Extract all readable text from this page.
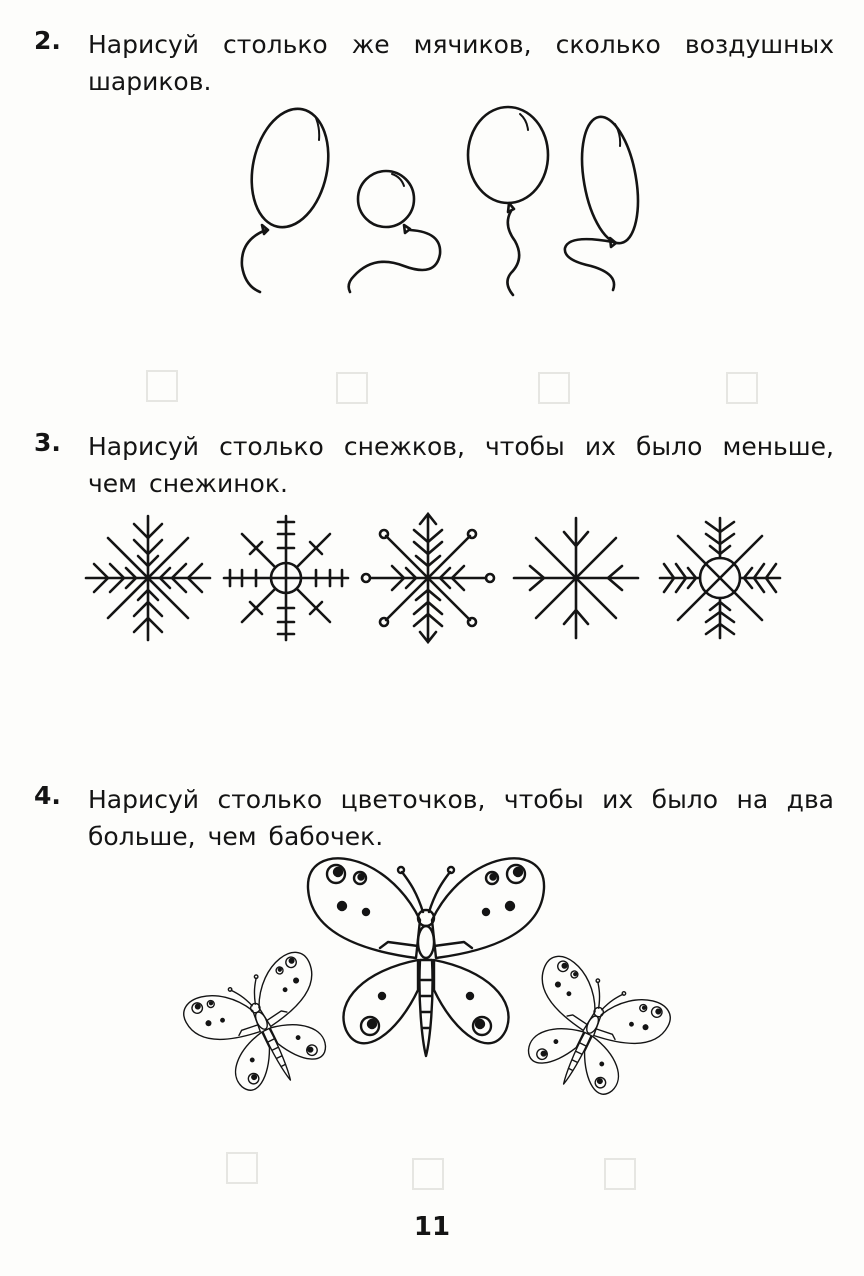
2. Нарисуй столько же мячиков, сколько воздушных шариков.
3. Нарисуй столько снежков, чтобы их было меньше, чем снежинок.
4. Нарисуй столько цветочков, чтобы их было на два больше, чем бабочек.
11
